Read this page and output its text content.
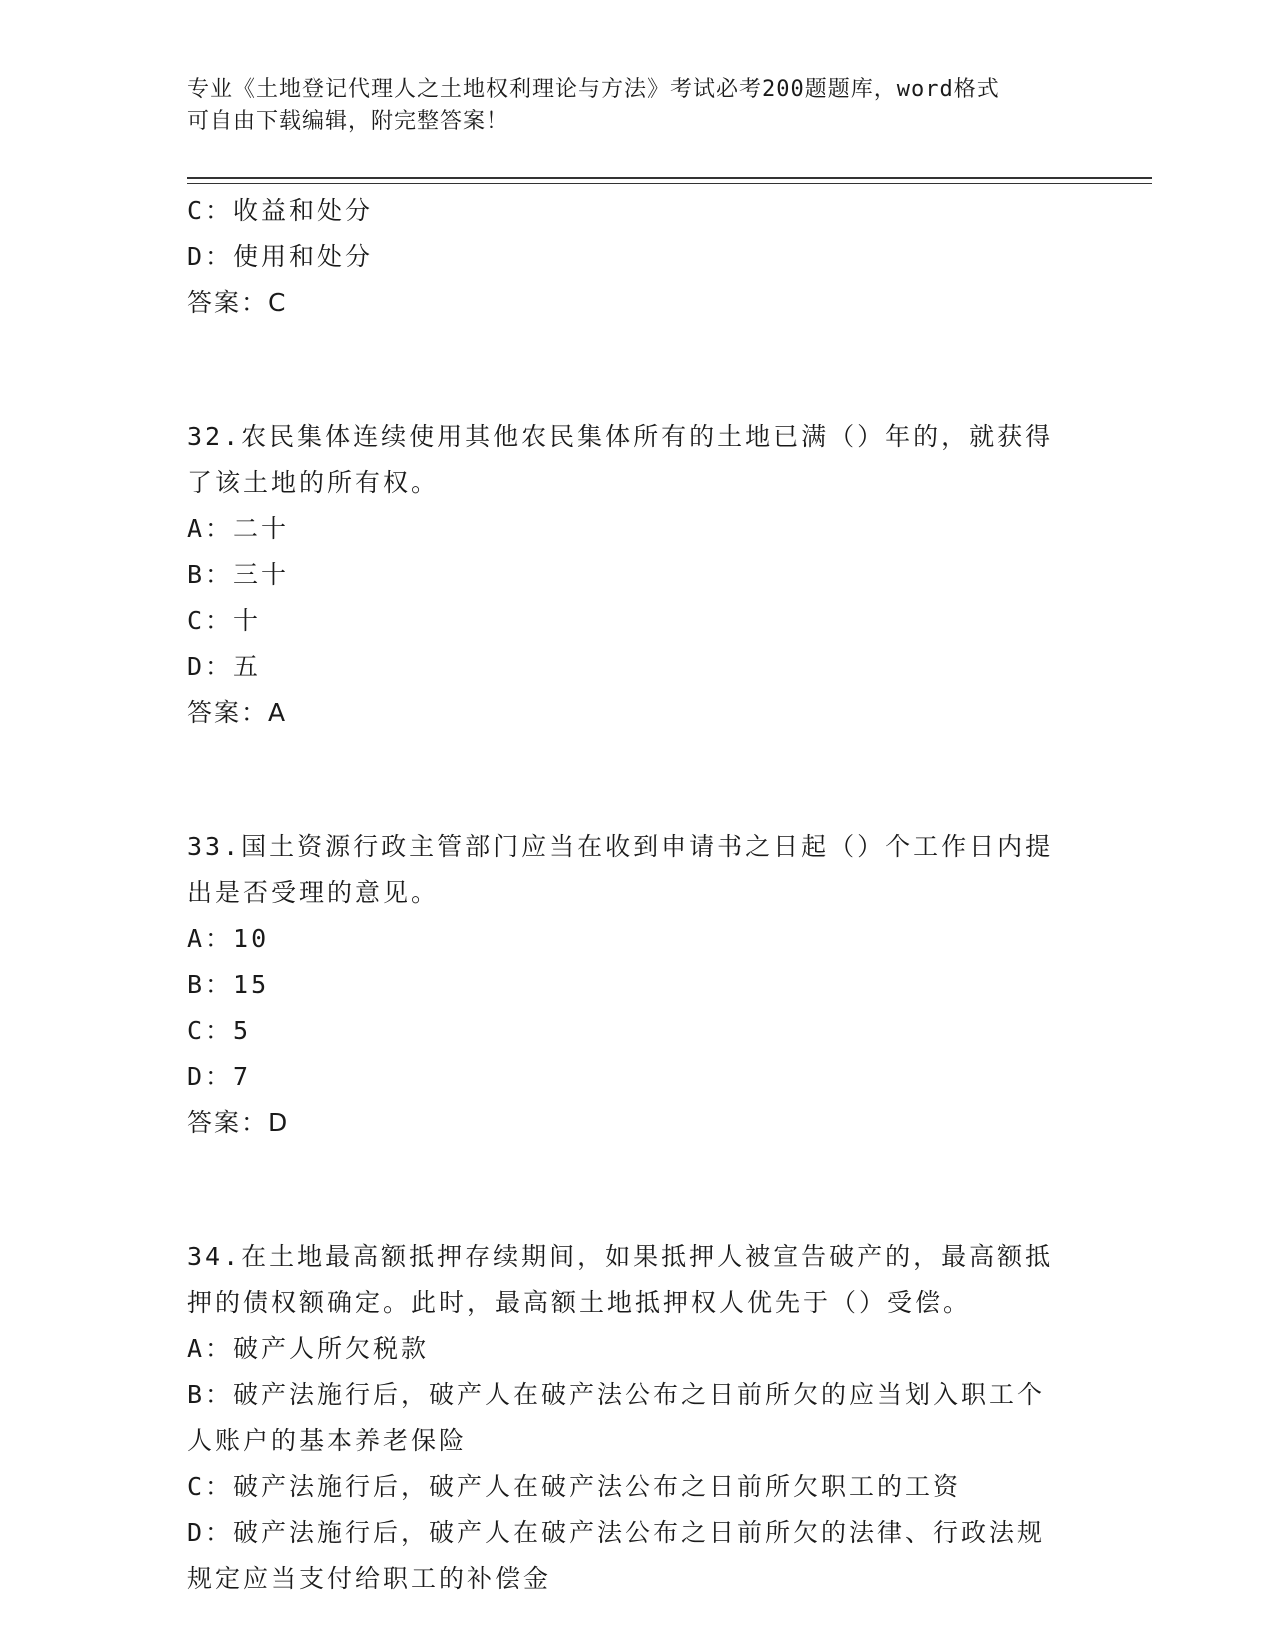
专业《土地登记代理人之土地权利理论与方法》考试必考200题题库，word格式
可自由下载编辑，附完整答案！
C：收益和处分
D：使用和处分
答案：C
32.农民集体连续使用其他农民集体所有的土地已满（）年的，就获得
了该土地的所有权。
A：二十
B：三十
C：十
D：五
答案：A
33.国土资源行政主管部门应当在收到申请书之日起（）个工作日内提
出是否受理的意见。
A：10
B：15
C：5
D：7
答案：D
34.在土地最高额抵押存续期间，如果抵押人被宣告破产的，最高额抵
押的债权额确定。此时，最高额土地抵押权人优先于（）受偿。
A：破产人所欠税款
B：破产法施行后，破产人在破产法公布之日前所欠的应当划入职工个
人账户的基本养老保险
C：破产法施行后，破产人在破产法公布之日前所欠职工的工资
D：破产法施行后，破产人在破产法公布之日前所欠的法律、行政法规
规定应当支付给职工的补偿金
